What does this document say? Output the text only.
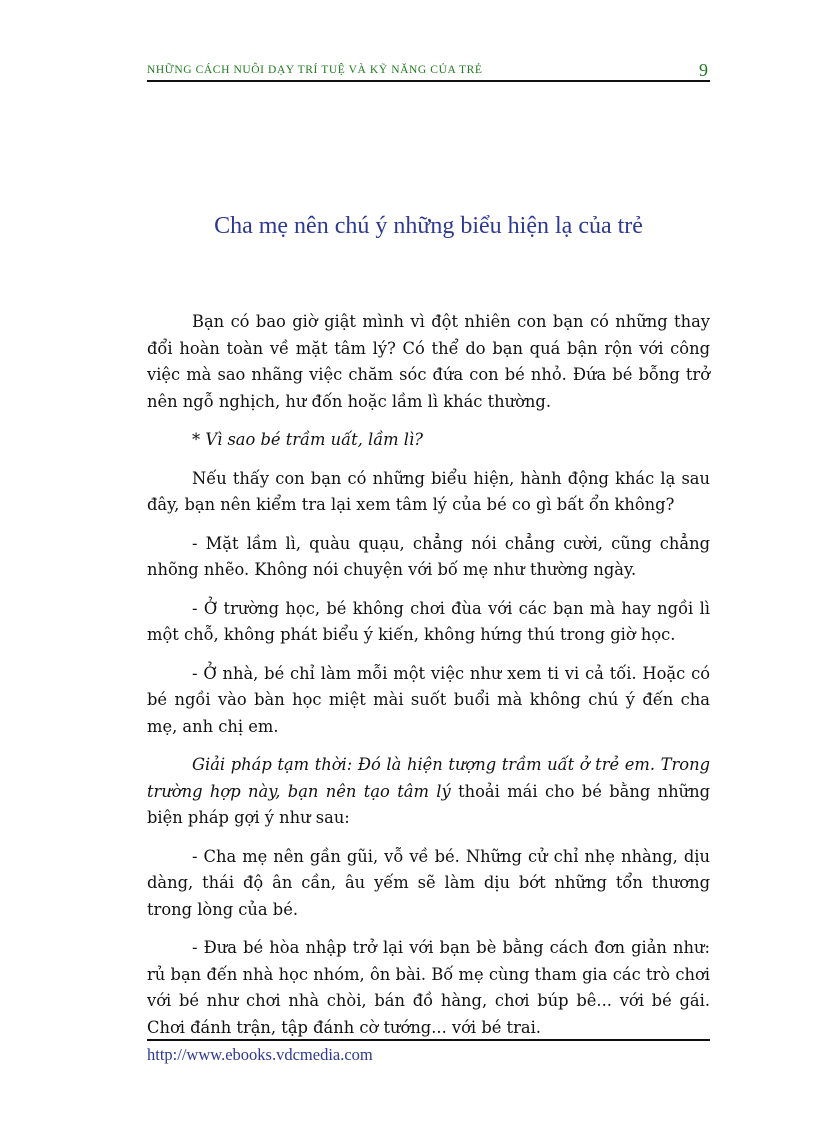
NHỮNG CÁCH NUÔI DẠY TRÍ TUỆ VÀ KỸ NĂNG CỦA TRẺ	9
Cha mẹ nên chú ý những biểu hiện lạ của trẻ

Bạn có bao giờ giật mình vì đột nhiên con bạn có những thay đổi hoàn toàn về mặt tâm lý? Có thể do bạn quá bận rộn với công việc mà sao nhãng việc chăm sóc đứa con bé nhỏ. Đứa bé bỗng trở nên ngỗ nghịch, hư đốn hoặc lầm lì khác thường.

* Vì sao bé trầm uất, lầm lì?

Nếu thấy con bạn có những biểu hiện, hành động khác lạ sau đây, bạn nên kiểm tra lại xem tâm lý của bé co gì bất ổn không?

- Mặt lầm lì, quàu quạu, chẳng nói chẳng cười, cũng chẳng nhõng nhẽo. Không nói chuyện với bố mẹ như thường ngày.

- Ở trường học, bé không chơi đùa với các bạn mà hay ngồi lì một chỗ, không phát biểu ý kiến, không hứng thú trong giờ học.

- Ở nhà, bé chỉ làm mỗi một việc như xem ti vi cả tối. Hoặc có bé ngồi vào bàn học miệt mài suốt buổi mà không chú ý đến cha mẹ, anh chị em.

Giải pháp tạm thời: Đó là hiện tượng trầm uất ở trẻ em. Trong trường hợp này, bạn nên tạo tâm lý thoải mái cho bé bằng những biện pháp gợi ý như sau:

- Cha mẹ nên gần gũi, vỗ về bé. Những cử chỉ nhẹ nhàng, dịu dàng, thái độ ân cần, âu yếm sẽ làm dịu bớt những tổn thương trong lòng của bé.

- Đưa bé hòa nhập trở lại với bạn bè bằng cách đơn giản như: rủ bạn đến nhà học nhóm, ôn bài. Bố mẹ cùng tham gia các trò chơi với bé như chơi nhà chòi, bán đồ hàng, chơi búp bê... với bé gái. Chơi đánh trận, tập đánh cờ tướng... với bé trai.

http://www.ebooks.vdcmedia.com
